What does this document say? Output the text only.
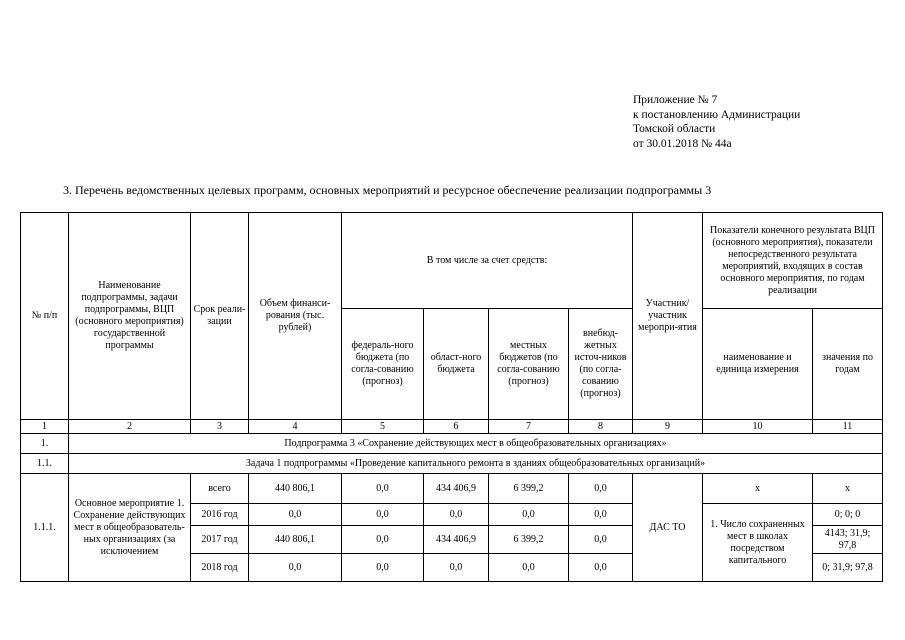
Приложение № 7
к постановлению Администрации
Томской области
от 30.01.2018 № 44а
3. Перечень ведомственных целевых программ, основных мероприятий и ресурсное обеспечение реализации подпрограммы 3
№ п/п	Наименование подпрограммы, задачи подпрограммы, ВЦП (основного мероприятия) государственной программы	Срок реали-зации	Объем финанси-рования (тыс. рублей)	В том числе за счет средств:				Участник/ участник меропри-ятия	Показатели конечного результата ВЦП (основного мероприятия), показатели непосредственного результата мероприятий, входящих в состав основного мероприятия, по годам реализации	
				федераль-ного бюджета (по согла-сованию (прогноз)	област-ного бюджета	местных бюджетов (по согла-сованию (прогноз)	внебюд-жетных источ-ников (по согла-сованию (прогноз)		наименование и единица измерения	значения по годам
1	2	3	4	5	6	7	8	9	10	11
1.	Подпрограмма 3 «Сохранение действующих мест в общеобразовательных организациях»									
1.1.	Задача 1 подпрограммы «Проведение капитального ремонта в зданиях общеобразовательных организаций»									
1.1.1.	Основное мероприятие 1. Сохранение действующих мест в общеобразователь-ных организациях (за исключением	всего	440 806,1	0,0	434 406,9	6 399,2	0,0	ДАС ТО	х	х
		2016 год	0,0	0,0	0,0	0,0	0,0		1. Число сохраненных мест в школах посредством капитального	0; 0; 0
		2017 год	440 806,1	0,0	434 406,9	6 399,2	0,0			4143; 31,9; 97,8
		2018 год	0,0	0,0	0,0	0,0	0,0			0; 31,9; 97,8
